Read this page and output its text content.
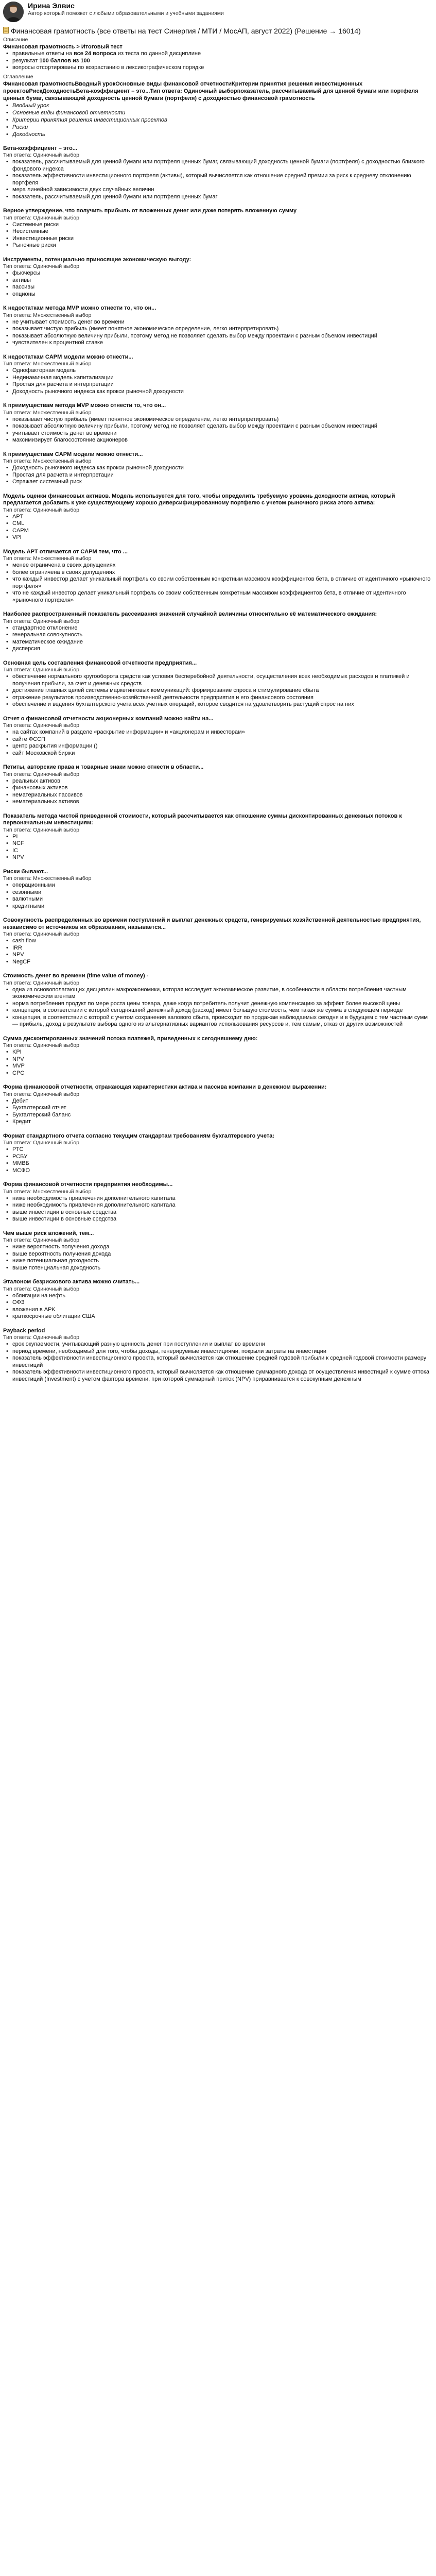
Ирина Элвис
Автор который поможет с любыми образовательными и учебными заданиями
Финансовая грамотность (все ответы на тест Синергия / МТИ / МосАП, август 2022) (Решение → 16014)
Описание
Финансовая грамотность > Итоговый тест
• правильные ответы на все 24 вопроса из теста по данной дисциплине
• результат 100 баллов из 100
• вопросы отсортированы по возрастанию в лексикографическом порядке
Оглавление
Финансовая грамотностьВводный урокОсновные виды финансовой отчетностиКритерии принятия решения инвестиционных проектовРискДоходностьБета-коэффициент – это...Тип ответа: Одиночный выборпоказатель, рассчитываемый для ценной бумаги или портфеля ценных бумаг, связывающий доходность ценной бумаги (портфеля) с доходностью финансовой грамотность
• Вводный урок
• Основные виды финансовой отчетности
• Критерии принятия решения инвестиционных проектов
• Риски
• Доходность
Бета-коэффициент – это...
Тип ответа: Одиночный выбор
• показатель, рассчитываемый для ценной бумаги или портфеля ценных бумаг, связывающий доходность ценной бумаги (портфеля) с доходностью близкого фондового индекса
• показатель эффективности инвестиционного портфеля (активы), который вычисляется как отношение средней премии за риск к средневу отклонению портфеля
• мера линейной зависимости двух случайных величин
• показатель, рассчитываемый для ценной бумаги или портфеля ценных бумаг
Верное утверждение, что получить прибыль от вложенных денег или даже потерять вложенную сумму
Тип ответа: Одиночный выбор
• Системные риски
• Несистемные
• Инвестиционные риски
• Рыночные риски
Инструменты, потенциально приносящие экономическую выгоду:
Тип ответа: Одиночный выбор
• фьючерсы
• активы
• пассивы
• опционы
К недостаткам метода MVP можно отнести то, что он...
Тип ответа: Множественный выбор
• не учитывает стоимость денег во времени
• показывает чистую прибыль (имеет понятное экономическое определение, легко интерпретировать)
• показывает абсолютную величину прибыли, поэтому метод не позволяет сделать выбор между проектами с разным объемом инвестиций
• чувствителен к процентной ставке
К недостаткам CAPM модели можно отнести...
Тип ответа: Множественный выбор
• Однофакторная модель
• Нединамичная модель капитализации
• Простая для расчета и интерпретации
• Доходность рыночного индекса как прокси рыночной доходности
К преимуществам метода MVP можно отнести то, что он...
Тип ответа: Множественный выбор
• показывает чистую прибыль (имеет понятное экономическое определение, легко интерпретировать)
• показывает абсолютную величину прибыли, поэтому метод не позволяет сделать выбор между проектами с разным объемом инвестиций
• учитывает стоимость денег во времени
• максимизирует благосостояние акционеров
К преимуществам CAPM модели можно отнести...
Тип ответа: Множественный выбор
• Доходность рыночного индекса как прокси рыночной доходности
• Простая для расчета и интерпретации
• Отражает системный риск
Модель оценки финансовых активов. Модель используется для того, чтобы определить требуемую уровень доходности актива, который предлагается добавить к уже существующему хорошо диверсифицированному портфелю с учетом рыночного риска этого актива:
Тип ответа: Одиночный выбор
• APT
• CML
• CAPM
• VPI
Модель APT отличается от CAPM тем, что ...
Тип ответа: Множественный выбор
• менее ограничена в своих допущениях
• более ограничена в своих допущениях
• что каждый инвестор делает уникальный портфель со своим собственным конкретным массивом коэффициентов бета, в отличие от идентичного «рыночного портфеля»
• что не каждый инвестор делает уникальный портфель со своим собственным конкретным массивом коэффициентов бета, в отличие от идентичного «рыночного портфеля»
Наиболее распространенный показатель рассеивания значений случайной величины относительно её математического ожидания:
Тип ответа: Одиночный выбор
• стандартное отклонение
• генеральная совокупность
• математическое ожидание
• дисперсия
Основная цель составления финансовой отчетности предприятия...
Тип ответа: Одиночный выбор
• обеспечение нормального кругооборота средств как условия бесперебойной деятельности, осуществления всех необходимых расходов и платежей и получения прибыли, за счет и денежных средств
• достижение главных целей системы маркетинговых коммуникаций: формирование спроса и стимулирование сбыта
• отражение результатов производственно-хозяйственной деятельности предприятия и его финансового состояния
• обеспечение и ведения бухгалтерского учета всех учетных операций, которое сводится на удовлетворить растущий спрос на них
Отчет о финансовой отчетности акционерных компаний можно найти на...
Тип ответа: Одиночный выбор
• на сайтах компаний в разделе «раскрытие информации» и «акционерам и инвесторам»
• сайте ФССП
• центр раскрытия информации ()
• сайт Московской биржи
Петиты, авторские права и товарные знаки можно отнести в области...
Тип ответа: Одиночный выбор
• реальных активов
• финансовых активов
• нематериальных пассивов
• нематериальных активов
Показатель метода чистой приведенной стоимости, который рассчитывается как отношение суммы дисконтированных денежных потоков к первоначальным инвестициям:
Тип ответа: Одиночный выбор
• PI
• NCF
• IC
• NPV
Риски бывают...
Тип ответа: Множественный выбор
• операционными
• сезонными
• валютными
• кредитными
Совокупность распределенных во времени поступлений и выплат денежных средств, генерируемых хозяйственной деятельностью предприятия, независимо от источников их образования, называется...
Тип ответа: Одиночный выбор
• cash flow
• IRR
• NPV
• NegCF
Стоимость денег во времени (time value of money) -
Тип ответа: Одиночный выбор
• одна из основополагающих дисциплин макроэкономики, которая исследует экономическое развитие, в особенности в области потребления частным экономическим агентам
• норма потребления продукт по мере роста цены товара, даже когда потребитель получит денежную компенсацию за эффект более высокой цены
• концепция, в соответствии с которой сегодняшний денежный доход (расход) имеет большую стоимость, чем такая же сумма в следующем периоде
• концепция, в соответствии с которой с учетом сохранения валового сбыта, происходит по продажам наблюдаемых сегодня и в будущем с тем частным сумм — прибыль, доход в результате выбора одного из альтернативных вариантов использования ресурсов и, тем самым, отказ от других возможностей
Сумма дисконтированных значений потока платежей, приведенных к сегодняшнему дню:
Тип ответа: Одиночный выбор
• KPI
• NPV
• MVP
• CPC
Форма финансовой отчетности, отражающая характеристики актива и пассива компании в денежном выражении:
Тип ответа: Одиночный выбор
• Дебит
• Бухгалтерский отчет
• Бухгалтерский баланс
• Кредит
Формат стандартного отчета согласно текущим стандартам требованиям бухгалтерского учета:
Тип ответа: Одиночный выбор
• РТС
• РСБУ
• ММВБ
• МСФО
Форма финансовой отчетности предприятия необходимы...
Тип ответа: Множественный выбор
• ниже необходимость привлечения дополнительного капитала
• ниже необходимость привлечения дополнительного капитала
• выше инвестиции в основные средства
• выше инвестиции в основные средства
Чем выше риск вложений, тем...
Тип ответа: Одиночный выбор
• ниже вероятность получения дохода
• выше вероятность получения дохода
• ниже потенциальная доходность
• выше потенциальная доходность
Эталоном безрискового актива можно считать...
Тип ответа: Одиночный выбор
• облигации на нефть
• ОФЗ
• вложения в APK
• краткосрочные облигации США
Payback period
Тип ответа: Одиночный выбор
• срок окупаемости, учитывающий разную ценность денег при поступлении и выплат во времени
• период времени, необходимый для того, чтобы доходы, генерируемые инвестициями, покрыли затраты на инвестиции
• показатель эффективности инвестиционного проекта, который вычисляется как отношение средней годовой прибыли к средней годовой стоимости размеру инвестиций
• показатель эффективности инвестиционного проекта, который вычисляется как отношение суммарного дохода от осуществления инвестиций к сумме оттока инвестиций (Investment) с учетом фактора времени, при которой суммарный приток (NPV) приравнивается к совокупным денежным
